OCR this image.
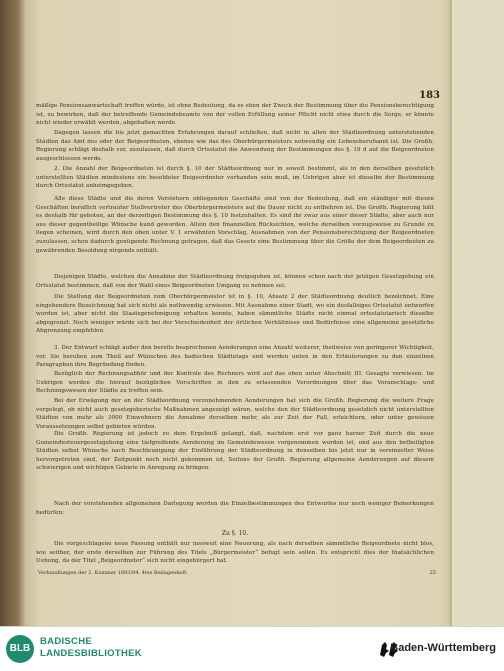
183
mäßige Pensionsanwartschaft treffen würde, ist ohne Bedeutung, da es eben der Zweck der Bestimmung über die Pensionsberechtigung ist, zu bewirken, daß der betreffende Gemeindebeamte von der vollen Erfüllung seiner Pflicht nicht etwa durch die Sorge, er könnte nicht wieder erwählt werden, abgehalten werde.
Dagegen lassen die bis jetzt gemachten Erfahrungen darauf schließen, daß nicht in allen der Städteordnung unterstehenden Städten das Amt des oder der Beigeordneten, ebenso wie das des Oberbürgermeisters notwendig ein Lebensberufsamt ist. Die Großh. Regierung schlägt deshalb vor, zuzulassen, daß durch Ortsstatut die Anwendung der Bestimmungen des §. 19 d auf die Beigeordneten ausgeschlossen werde.
2. Die Anzahl der Beigeordneten ist durch §. 10 der Städteordnung nur in soweit bestimmt, als in den derselben gesetzlich unterstellten Städten mindestens ein besoldeter Beigeordneter vorhanden sein muß, im Uebrigen aber ist dieselbe der Bestimmung durch Ortsstatut anheimgegeben.
Alle diese Städte und die deren Vorstehern obliegenden Geschäfte sind von der Bedeutung, daß ein ständiger mit diesen Geschäften beruflich vertrauter Stellvertreter des Oberbürgermeisters auf die Dauer nicht zu entbehren ist. Die Großh. Regierung hält es deshalb für geboten, an der derzeitigen Bestimmung des §. 10 festzuhalten. Es sind ihr zwar aus einer dieser Städte, aber auch nur aus dieser gegentheilige Wünsche kund geworden. Allein den finanziellen Rücksichten, welche derselben vorzugsweise zu Grunde zu liegen scheinen, wird durch den oben unter V. 1 erwähnten Vorschlag, Ausnahmen von der Pensionsberechtigung der Beigeordneten zuzulassen, schon dadurch genügende Rechnung getragen, daß das Gesetz eine Bestimmung über die Größe der dem Beigeordneten zu gewährenden Besoldung nirgends enthält.
Diejenigen Städte, welchen die Annahme der Städteordnung freigegeben ist, können schon nach der jetzigen Gesetzgebung ein Ortsstatut bestimmen, daß von der Wahl eines Beigeordneten Umgang zu nehmen sei.
Die Stellung der Beigeordneten zum Oberbürgermeister ist in §. 10, Absatz 2 der Städteordnung deutlich bezeichnet. Eine eingehendere Bezeichnung hat sich nicht als nothwendig erwiesen. Mit Ausnahme einer Stadt, wo ein desfallsiges Ortsstatut entworfen worden ist, aber nicht die Staatsgenehmigung erhalten konnte, haben sämmtliche Städte nicht einmal ortsstatutarisch dieselbe abgegrenzt. Noch weniger würde sich bei der Verschiedenheit der örtlichen Verhältnisse und Bedürfnisse eine allgemeine gesetzliche Abgrenzung empfehlen.
3. Der Entwurf schlägt außer den bereits besprochenen Aenderungen eine Anzahl weiterer, theilweise von geringerer Wichtigkeit, vor. Sie beruhen zum Theil auf Wünschen des badischen Städtetags und werden unten in den Erläuterungen zu den einzelnen Paragraphen ihre Begründung finden.
Bezüglich der Rechnungsabhör und der Kontrole des Rechners wird auf das oben unter Abschnitt III. Gesagte verwiesen. Im Uebrigen werden die hierauf bezüglichen Vorschriften in den zu erlassenden Verordnungen über das Voranschlags- und Rechnungswesen der Städte zu treffen sein.
Bei der Erwägung der an der Städteordnung vorzunehmenden Aenderungen hat sich die Großh. Regierung die weitere Frage vorgelegt, ob nicht auch gesetzgeberische Maßnahmen angezeigt wären, welche den der Städteordnung gesetzlich nicht unterstellten Städten von mehr als 3000 Einwohnern die Annahme derselben mehr, als zur Zeit der Fall, erleichtern, oder unter gewissen Voraussetzungen selbst gebieten würden.
Die Großh. Regierung ist jedoch zu dem Ergebniß gelangt, daß, nachdem erst vor ganz kurzer Zeit durch die neue Gemeindesteuergesetzgebung eine tiefgreifende Aenderung im Gemeindewesen vorgenommen worden ist, und aus den betheiligten Städten selbst Wünsche nach Beschleunigung der Einführung der Städteordnung in denselben bis jetzt nur in vereinzelter Weise hervorgetreten sind, der Zeitpunkt noch nicht gekommen ist, Seitens der Großh. Regierung allgemeine Aenderungen auf diesem schwierigen und wichtigen Gebiete in Anregung zu bringen.
Nach der vorstehenden allgemeinen Darlegung werden die Einzelbestimmungen des Entwurfes nur noch weniger Bemerkungen bedürfen:
Zu §. 10.
Die vorgeschlagene neue Fassung enthält nur insoweit eine Neuerung, als nach derselben sämmtliche Beigeordnete nicht blos, wie seither, der erste derselben zur Führung des Titels „Bürgermeister“ befugt sein sollen. Es entspricht dies der thatsächlichen Uebung, da der Titel „Beigeordneter“ sich nicht eingebürgert hat.
Verhandlungen der 2. Kammer 1893/94. 4tes Beilagenheft.	25
BLB
BADISCHE
LANDESBIBLIOTHEK	Baden-Württemberg
